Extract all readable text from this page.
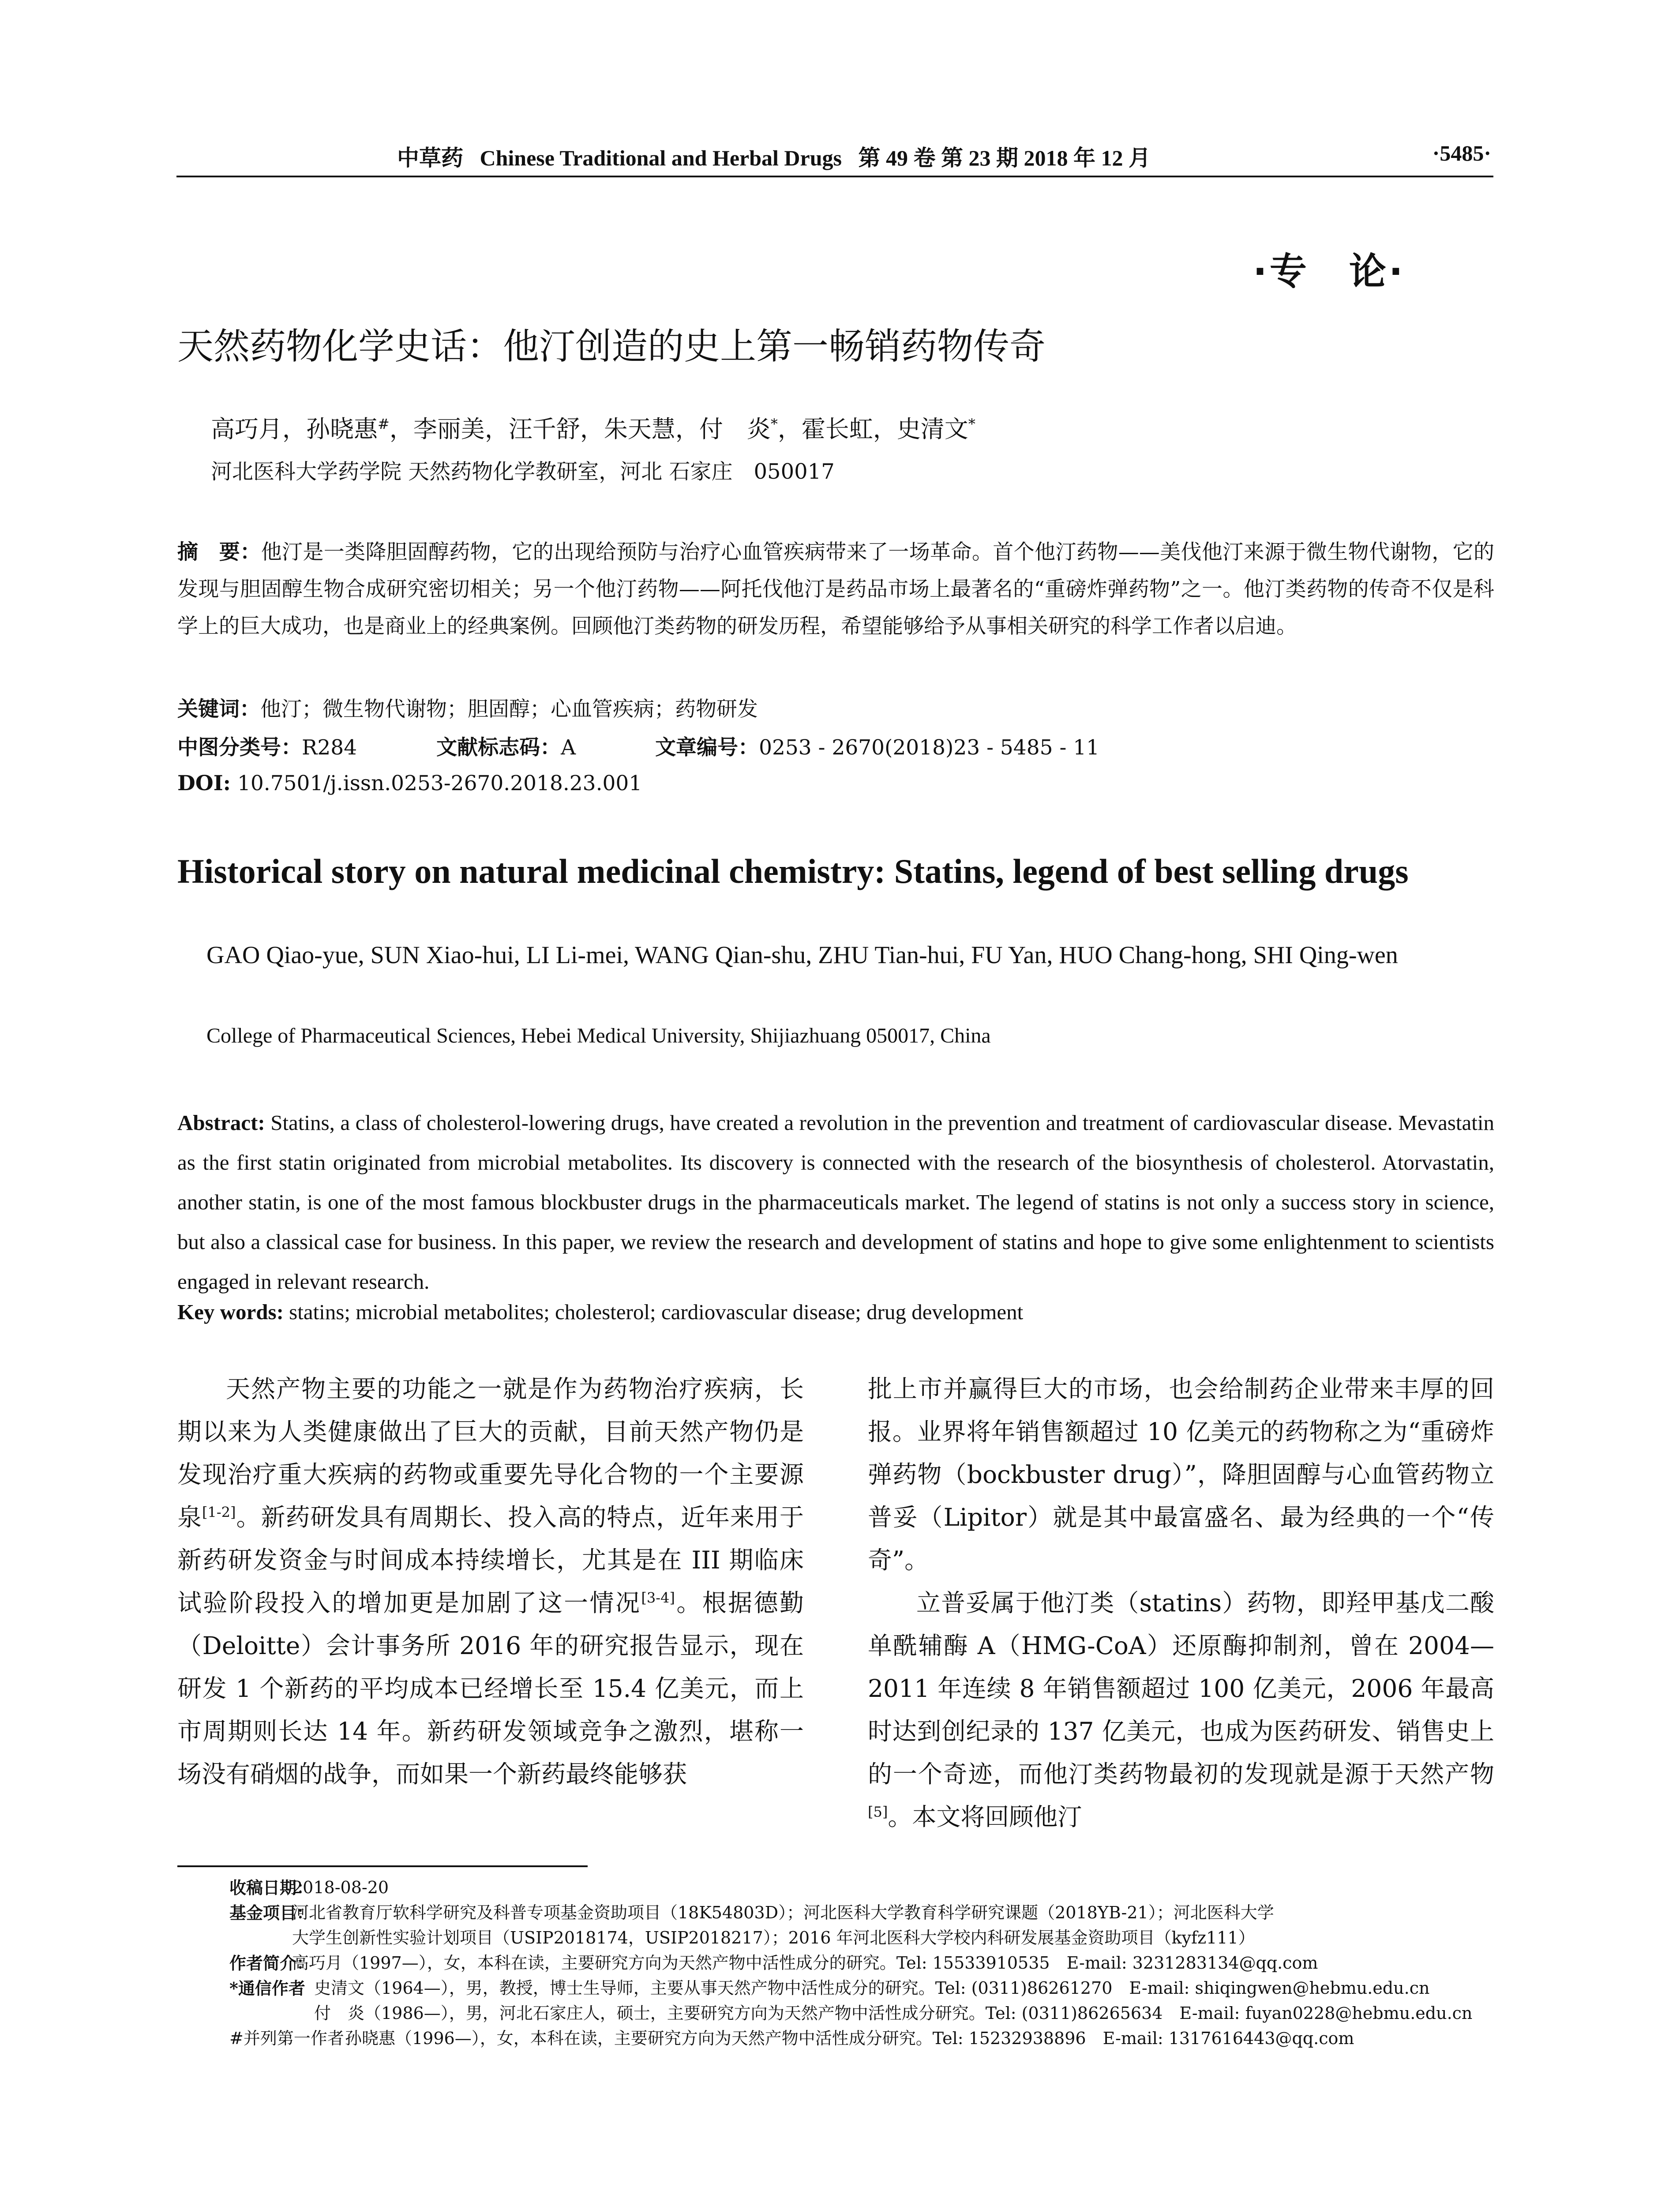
中草药 Chinese Traditional and Herbal Drugs 第 49 卷 第 23 期 2018 年 12 月	·5485·
·专　论·
天然药物化学史话：他汀创造的史上第一畅销药物传奇
高巧月，孙晓惠#，李丽美，汪千舒，朱天慧，付　炎*，霍长虹，史清文*
河北医科大学药学院 天然药物化学教研室，河北 石家庄　050017
摘　要：他汀是一类降胆固醇药物，它的出现给预防与治疗心血管疾病带来了一场革命。首个他汀药物——美伐他汀来源于微生物代谢物，它的发现与胆固醇生物合成研究密切相关；另一个他汀药物——阿托伐他汀是药品市场上最著名的“重磅炸弹药物”之一。他汀类药物的传奇不仅是科学上的巨大成功，也是商业上的经典案例。回顾他汀类药物的研发历程，希望能够给予从事相关研究的科学工作者以启迪。
关键词：他汀；微生物代谢物；胆固醇；心血管疾病；药物研发
中图分类号：R284	文献标志码：A	文章编号：0253 - 2670(2018)23 - 5485 - 11
DOI: 10.7501/j.issn.0253-2670.2018.23.001
Historical story on natural medicinal chemistry: Statins, legend of best selling drugs
GAO Qiao-yue, SUN Xiao-hui, LI Li-mei, WANG Qian-shu, ZHU Tian-hui, FU Yan, HUO Chang-hong, SHI Qing-wen
College of Pharmaceutical Sciences, Hebei Medical University, Shijiazhuang 050017, China
Abstract: Statins, a class of cholesterol-lowering drugs, have created a revolution in the prevention and treatment of cardiovascular disease. Mevastatin as the first statin originated from microbial metabolites. Its discovery is connected with the research of the biosynthesis of cholesterol. Atorvastatin, another statin, is one of the most famous blockbuster drugs in the pharmaceuticals market. The legend of statins is not only a success story in science, but also a classical case for business. In this paper, we review the research and development of statins and hope to give some enlightenment to scientists engaged in relevant research.
Key words: statins; microbial metabolites; cholesterol; cardiovascular disease; drug development

天然产物主要的功能之一就是作为药物治疗疾病，长期以来为人类健康做出了巨大的贡献，目前天然产物仍是发现治疗重大疾病的药物或重要先导化合物的一个主要源泉[1-2]。新药研发具有周期长、投入高的特点，近年来用于新药研发资金与时间成本持续增长，尤其是在 III 期临床试验阶段投入的增加更是加剧了这一情况[3-4]。根据德勤（Deloitte）会计事务所 2016 年的研究报告显示，现在研发 1 个新药的平均成本已经增长至 15.4 亿美元，而上市周期则长达 14 年。新药研发领域竞争之激烈，堪称一场没有硝烟的战争，而如果一个新药最终能够获

批上市并赢得巨大的市场，也会给制药企业带来丰厚的回报。业界将年销售额超过 10 亿美元的药物称之为“重磅炸弹药物（bockbuster drug）”，降胆固醇与心血管药物立普妥（Lipitor）就是其中最富盛名、最为经典的一个“传奇”。

立普妥属于他汀类（statins）药物，即羟甲基戊二酸单酰辅酶 A（HMG-CoA）还原酶抑制剂，曾在 2004—2011 年连续 8 年销售额超过 100 亿美元，2006 年最高时达到创纪录的 137 亿美元，也成为医药研发、销售史上的一个奇迹，而他汀类药物最初的发现就是源于天然产物[5]。本文将回顾他汀

收稿日期：
2018-08-20
基金项目：
河北省教育厅软科学研究及科普专项基金资助项目（18K54803D）；河北医科大学教育科学研究课题（2018YB-21）；河北医科大学
大学生创新性实验计划项目（USIP2018174，USIP2018217）；2016 年河北医科大学校内科研发展基金资助项目（kyfz111）
作者简介：
高巧月（1997—），女，本科在读，主要研究方向为天然产物中活性成分的研究。Tel: 15533910535　E-mail: 3231283134@qq.com
*通信作者 史清文（1964—），男，教授，博士生导师，主要从事天然产物中活性成分的研究。Tel: (0311)86261270　E-mail: shiqingwen@hebmu.edu.cn
付　炎（1986—），男，河北石家庄人，硕士，主要研究方向为天然产物中活性成分研究。Tel: (0311)86265634　E-mail: fuyan0228@hebmu.edu.cn
#并列第一作者 孙晓惠（1996—），女，本科在读，主要研究方向为天然产物中活性成分研究。Tel: 15232938896　E-mail: 1317616443@qq.com
